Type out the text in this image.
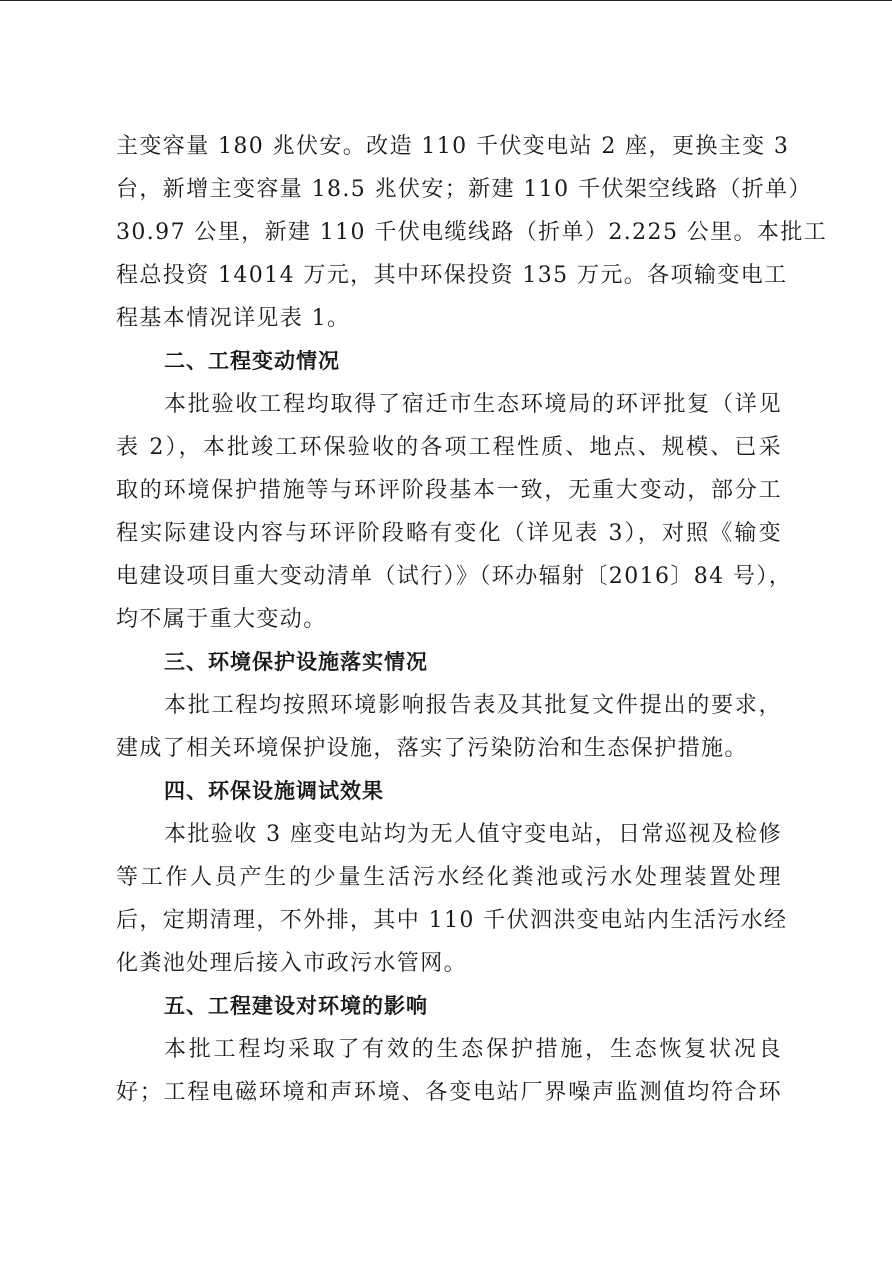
主变容量 180 兆伏安。改造 110 千伏变电站 2 座，更换主变 3
台，新增主变容量 18.5 兆伏安；新建 110 千伏架空线路（折单）
30.97 公里，新建 110 千伏电缆线路（折单）2.225 公里。本批工
程总投资 14014 万元，其中环保投资 135 万元。各项输变电工
程基本情况详见表 1。
二、工程变动情况
本批验收工程均取得了宿迁市生态环境局的环评批复（详见
表 2），本批竣工环保验收的各项工程性质、地点、规模、已采
取的环境保护措施等与环评阶段基本一致，无重大变动，部分工
程实际建设内容与环评阶段略有变化（详见表 3），对照《输变
电建设项目重大变动清单（试行）》（环办辐射〔2016〕84 号），
均不属于重大变动。
三、环境保护设施落实情况
本批工程均按照环境影响报告表及其批复文件提出的要求，
建成了相关环境保护设施，落实了污染防治和生态保护措施。
四、环保设施调试效果
本批验收 3 座变电站均为无人值守变电站，日常巡视及检修
等工作人员产生的少量生活污水经化粪池或污水处理装置处理
后，定期清理，不外排，其中 110 千伏泗洪变电站内生活污水经
化粪池处理后接入市政污水管网。
五、工程建设对环境的影响
本批工程均采取了有效的生态保护措施，生态恢复状况良
好；工程电磁环境和声环境、各变电站厂界噪声监测值均符合环
